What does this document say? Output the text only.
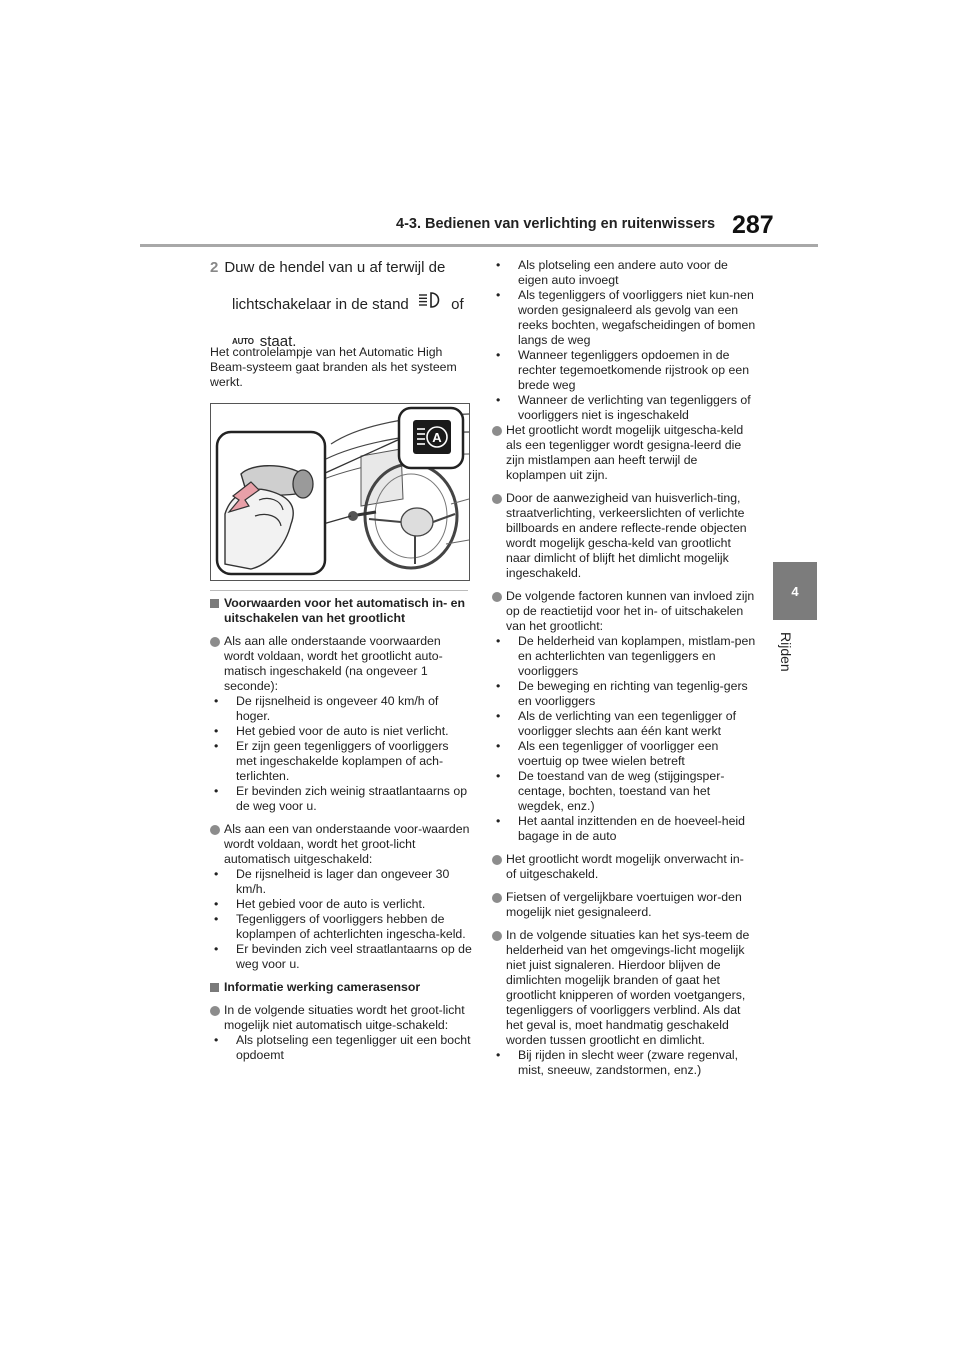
4-3. Bedienen van verlichting en ruitenwissers 287
4
Rijden
2 Duw de hendel van u af terwijl de
lichtschakelaar in de stand	of
AUTO staat.
Het controlelampje van het Automatic High Beam-systeem gaat branden als het systeem werkt.
A
Voorwaarden voor het automatisch in- en uitschakelen van het grootlicht
Als aan alle onderstaande voorwaarden wordt voldaan, wordt het grootlicht auto-matisch ingeschakeld (na ongeveer 1 seconde):
• De rijsnelheid is ongeveer 40 km/h of hoger.
• Het gebied voor de auto is niet verlicht.
• Er zijn geen tegenliggers of voorliggers met ingeschakelde koplampen of ach-terlichten.
• Er bevinden zich weinig straatlantaarns op de weg voor u.
Als aan een van onderstaande voor-waarden wordt voldaan, wordt het groot-licht automatisch uitgeschakeld:
• De rijsnelheid is lager dan ongeveer 30 km/h.
• Het gebied voor de auto is verlicht.
• Tegenliggers of voorliggers hebben de koplampen of achterlichten ingescha-keld.
• Er bevinden zich veel straatlantaarns op de weg voor u.
Informatie werking camerasensor
In de volgende situaties wordt het groot-licht mogelijk niet automatisch uitge-schakeld:
• Als plotseling een tegenligger uit een bocht opdoemt
• Als plotseling een andere auto voor de eigen auto invoegt
• Als tegenliggers of voorliggers niet kun-nen worden gesignaleerd als gevolg van een reeks bochten, wegafscheidingen of bomen langs de weg
• Wanneer tegenliggers opdoemen in de rechter tegemoetkomende rijstrook op een brede weg
• Wanneer de verlichting van tegenliggers of voorliggers niet is ingeschakeld
Het grootlicht wordt mogelijk uitgescha-keld als een tegenligger wordt gesigna-leerd die zijn mistlampen aan heeft terwijl de koplampen uit zijn.
Door de aanwezigheid van huisverlich-ting, straatverlichting, verkeerslichten of verlichte billboards en andere reflecte-rende objecten wordt mogelijk gescha-keld van grootlicht naar dimlicht of blijft het dimlicht mogelijk ingeschakeld.
De volgende factoren kunnen van invloed zijn op de reactietijd voor het in- of uitschakelen van het grootlicht:
• De helderheid van koplampen, mistlam-pen en achterlichten van tegenliggers en voorliggers
• De beweging en richting van tegenlig-gers en voorliggers
• Als de verlichting van een tegenligger of voorligger slechts aan één kant werkt
• Als een tegenligger of voorligger een voertuig op twee wielen betreft
• De toestand van de weg (stijgingsper-centage, bochten, toestand van het wegdek, enz.)
• Het aantal inzittenden en de hoeveel-heid bagage in de auto
Het grootlicht wordt mogelijk onverwacht in- of uitgeschakeld.
Fietsen of vergelijkbare voertuigen wor-den mogelijk niet gesignaleerd.
In de volgende situaties kan het sys-teem de helderheid van het omgevings-licht mogelijk niet juist signaleren. Hierdoor blijven de dimlichten mogelijk branden of gaat het grootlicht knipperen of worden voetgangers, tegenliggers of voorliggers verblind. Als dat het geval is, moet handmatig geschakeld worden tussen grootlicht en dimlicht.
• Bij rijden in slecht weer (zware regenval, mist, sneeuw, zandstormen, enz.)
